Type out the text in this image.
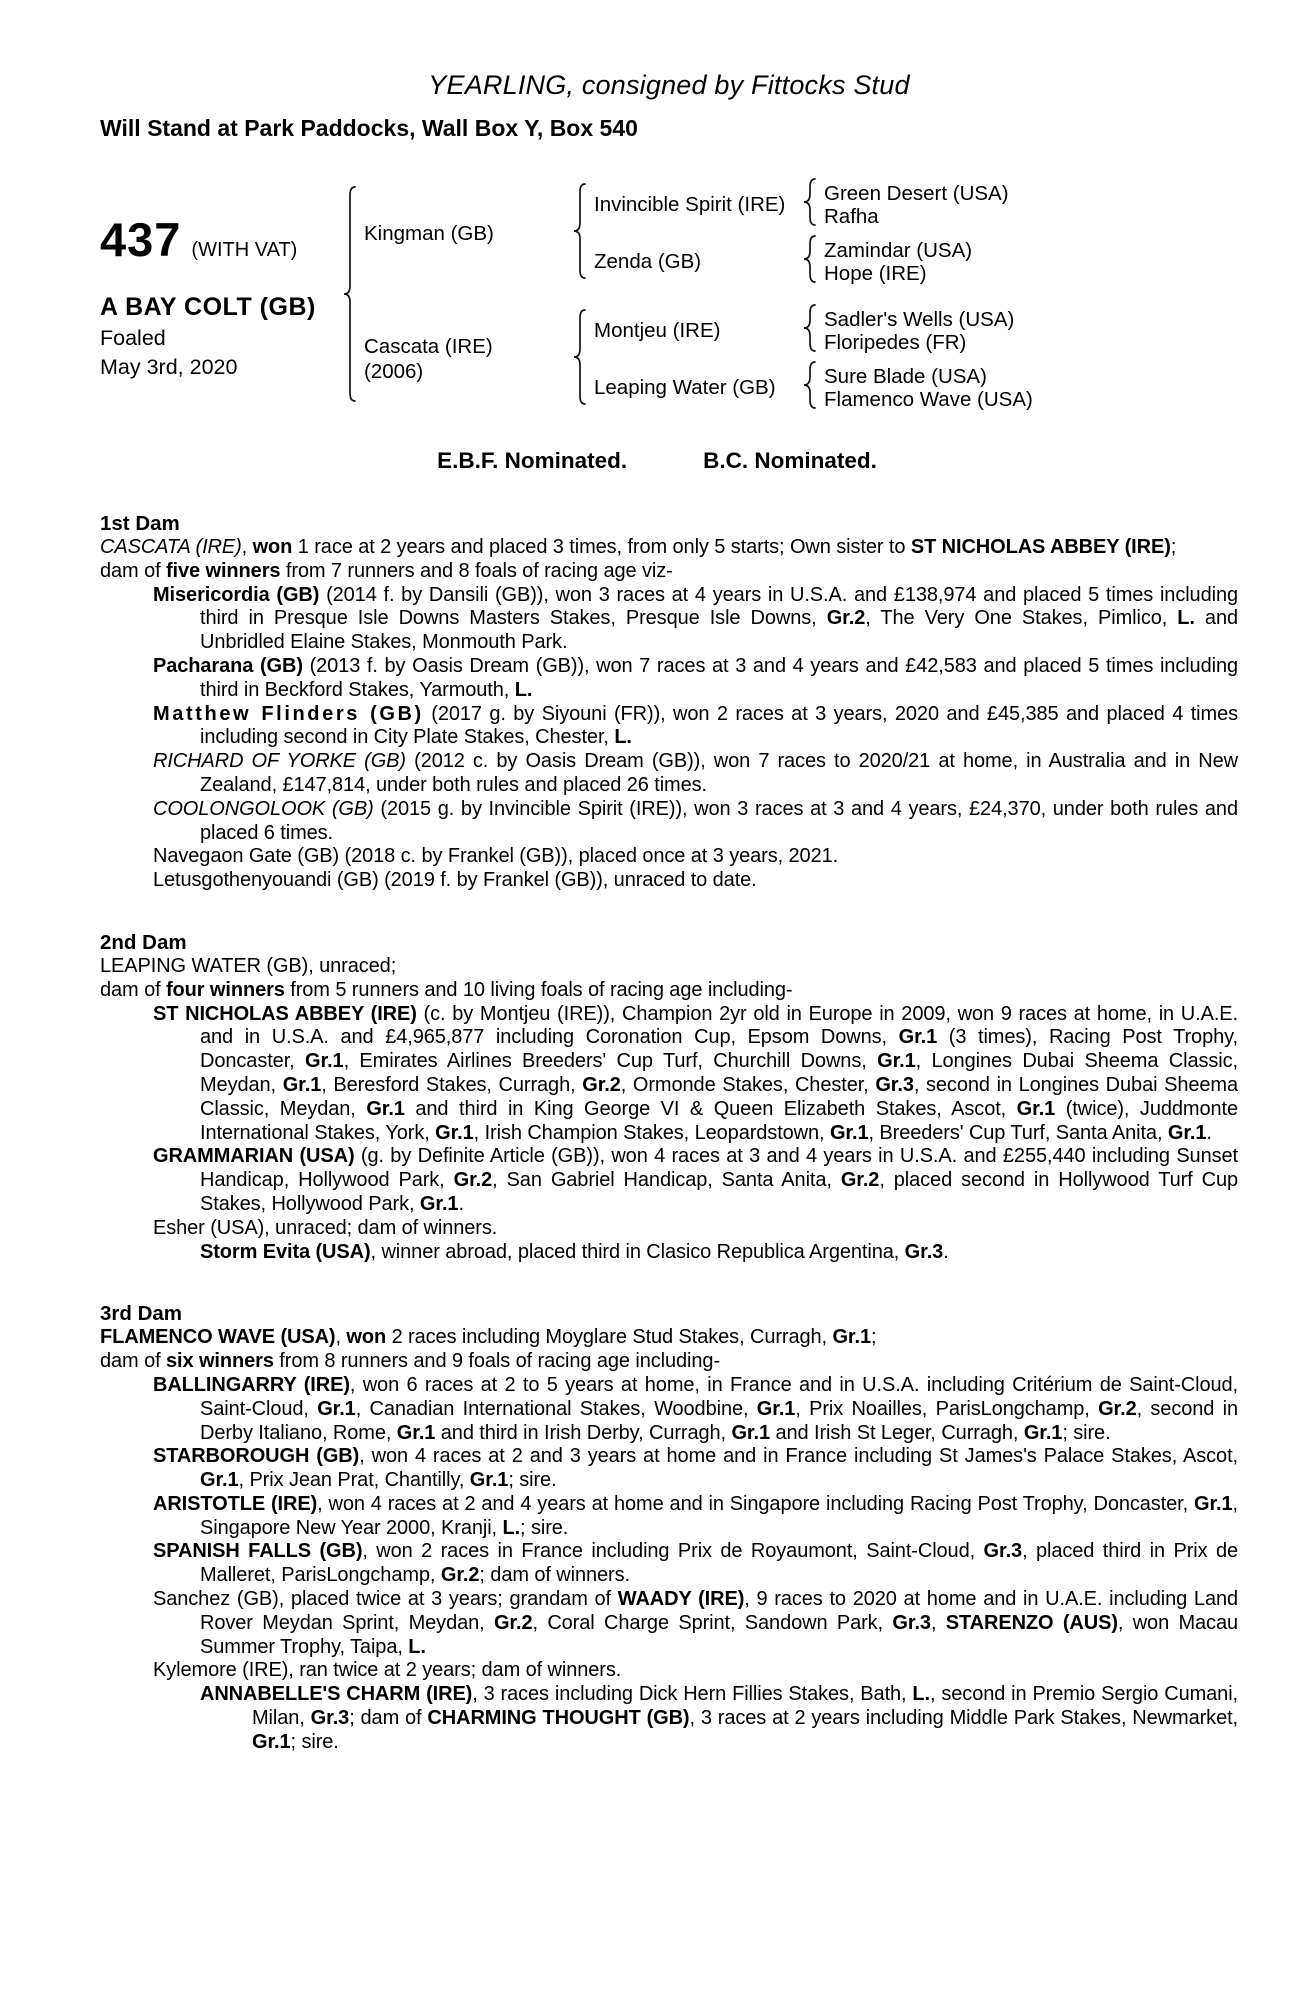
YEARLING, consigned by Fittocks Stud
Will Stand at Park Paddocks, Wall Box Y, Box 540
437 (WITH VAT)
A BAY COLT (GB)
Foaled
May 3rd, 2020
Kingman (GB)
Invincible Spirit (IRE)	Green Desert (USA)
Rafha
Zenda (GB)	Zamindar (USA)
Hope (IRE)
Cascata (IRE)
(2006)
Montjeu (IRE)	Sadler's Wells (USA)
Floripedes (FR)
Leaping Water (GB)	Sure Blade (USA)
Flamenco Wave (USA)
E.B.F. Nominated.	B.C. Nominated.
1st Dam

CASCATA (IRE), won 1 race at 2 years and placed 3 times, from only 5 starts; Own sister to ST NICHOLAS ABBEY (IRE);

dam of five winners from 7 runners and 8 foals of racing age viz-

Misericordia (GB) (2014 f. by Dansili (GB)), won 3 races at 4 years in U.S.A. and £138,974 and placed 5 times including third in Presque Isle Downs Masters Stakes, Presque Isle Downs, Gr.2, The Very One Stakes, Pimlico, L. and Unbridled Elaine Stakes, Monmouth Park.

Pacharana (GB) (2013 f. by Oasis Dream (GB)), won 7 races at 3 and 4 years and £42,583 and placed 5 times including third in Beckford Stakes, Yarmouth, L.

Matthew Flinders (GB) (2017 g. by Siyouni (FR)), won 2 races at 3 years, 2020 and £45,385 and placed 4 times including second in City Plate Stakes, Chester, L.

RICHARD OF YORKE (GB) (2012 c. by Oasis Dream (GB)), won 7 races to 2020/21 at home, in Australia and in New Zealand, £147,814, under both rules and placed 26 times.

COOLONGOLOOK (GB) (2015 g. by Invincible Spirit (IRE)), won 3 races at 3 and 4 years, £24,370, under both rules and placed 6 times.

Navegaon Gate (GB) (2018 c. by Frankel (GB)), placed once at 3 years, 2021.

Letusgothenyouandi (GB) (2019 f. by Frankel (GB)), unraced to date.

2nd Dam

LEAPING WATER (GB), unraced;

dam of four winners from 5 runners and 10 living foals of racing age including-

ST NICHOLAS ABBEY (IRE) (c. by Montjeu (IRE)), Champion 2yr old in Europe in 2009, won 9 races at home, in U.A.E. and in U.S.A. and £4,965,877 including Coronation Cup, Epsom Downs, Gr.1 (3 times), Racing Post Trophy, Doncaster, Gr.1, Emirates Airlines Breeders' Cup Turf, Churchill Downs, Gr.1, Longines Dubai Sheema Classic, Meydan, Gr.1, Beresford Stakes, Curragh, Gr.2, Ormonde Stakes, Chester, Gr.3, second in Longines Dubai Sheema Classic, Meydan, Gr.1 and third in King George VI & Queen Elizabeth Stakes, Ascot, Gr.1 (twice), Juddmonte International Stakes, York, Gr.1, Irish Champion Stakes, Leopardstown, Gr.1, Breeders' Cup Turf, Santa Anita, Gr.1.

GRAMMARIAN (USA) (g. by Definite Article (GB)), won 4 races at 3 and 4 years in U.S.A. and £255,440 including Sunset Handicap, Hollywood Park, Gr.2, San Gabriel Handicap, Santa Anita, Gr.2, placed second in Hollywood Turf Cup Stakes, Hollywood Park, Gr.1.

Esher (USA), unraced; dam of winners.

Storm Evita (USA), winner abroad, placed third in Clasico Republica Argentina, Gr.3.

3rd Dam

FLAMENCO WAVE (USA), won 2 races including Moyglare Stud Stakes, Curragh, Gr.1;

dam of six winners from 8 runners and 9 foals of racing age including-

BALLINGARRY (IRE), won 6 races at 2 to 5 years at home, in France and in U.S.A. including Critérium de Saint-Cloud, Saint-Cloud, Gr.1, Canadian International Stakes, Woodbine, Gr.1, Prix Noailles, ParisLongchamp, Gr.2, second in Derby Italiano, Rome, Gr.1 and third in Irish Derby, Curragh, Gr.1 and Irish St Leger, Curragh, Gr.1; sire.

STARBOROUGH (GB), won 4 races at 2 and 3 years at home and in France including St James's Palace Stakes, Ascot, Gr.1, Prix Jean Prat, Chantilly, Gr.1; sire.

ARISTOTLE (IRE), won 4 races at 2 and 4 years at home and in Singapore including Racing Post Trophy, Doncaster, Gr.1, Singapore New Year 2000, Kranji, L.; sire.

SPANISH FALLS (GB), won 2 races in France including Prix de Royaumont, Saint-Cloud, Gr.3, placed third in Prix de Malleret, ParisLongchamp, Gr.2; dam of winners.

Sanchez (GB), placed twice at 3 years; grandam of WAADY (IRE), 9 races to 2020 at home and in U.A.E. including Land Rover Meydan Sprint, Meydan, Gr.2, Coral Charge Sprint, Sandown Park, Gr.3, STARENZO (AUS), won Macau Summer Trophy, Taipa, L.

Kylemore (IRE), ran twice at 2 years; dam of winners.

ANNABELLE'S CHARM (IRE), 3 races including Dick Hern Fillies Stakes, Bath, L., second in Premio Sergio Cumani, Milan, Gr.3; dam of CHARMING THOUGHT (GB), 3 races at 2 years including Middle Park Stakes, Newmarket, Gr.1; sire.
